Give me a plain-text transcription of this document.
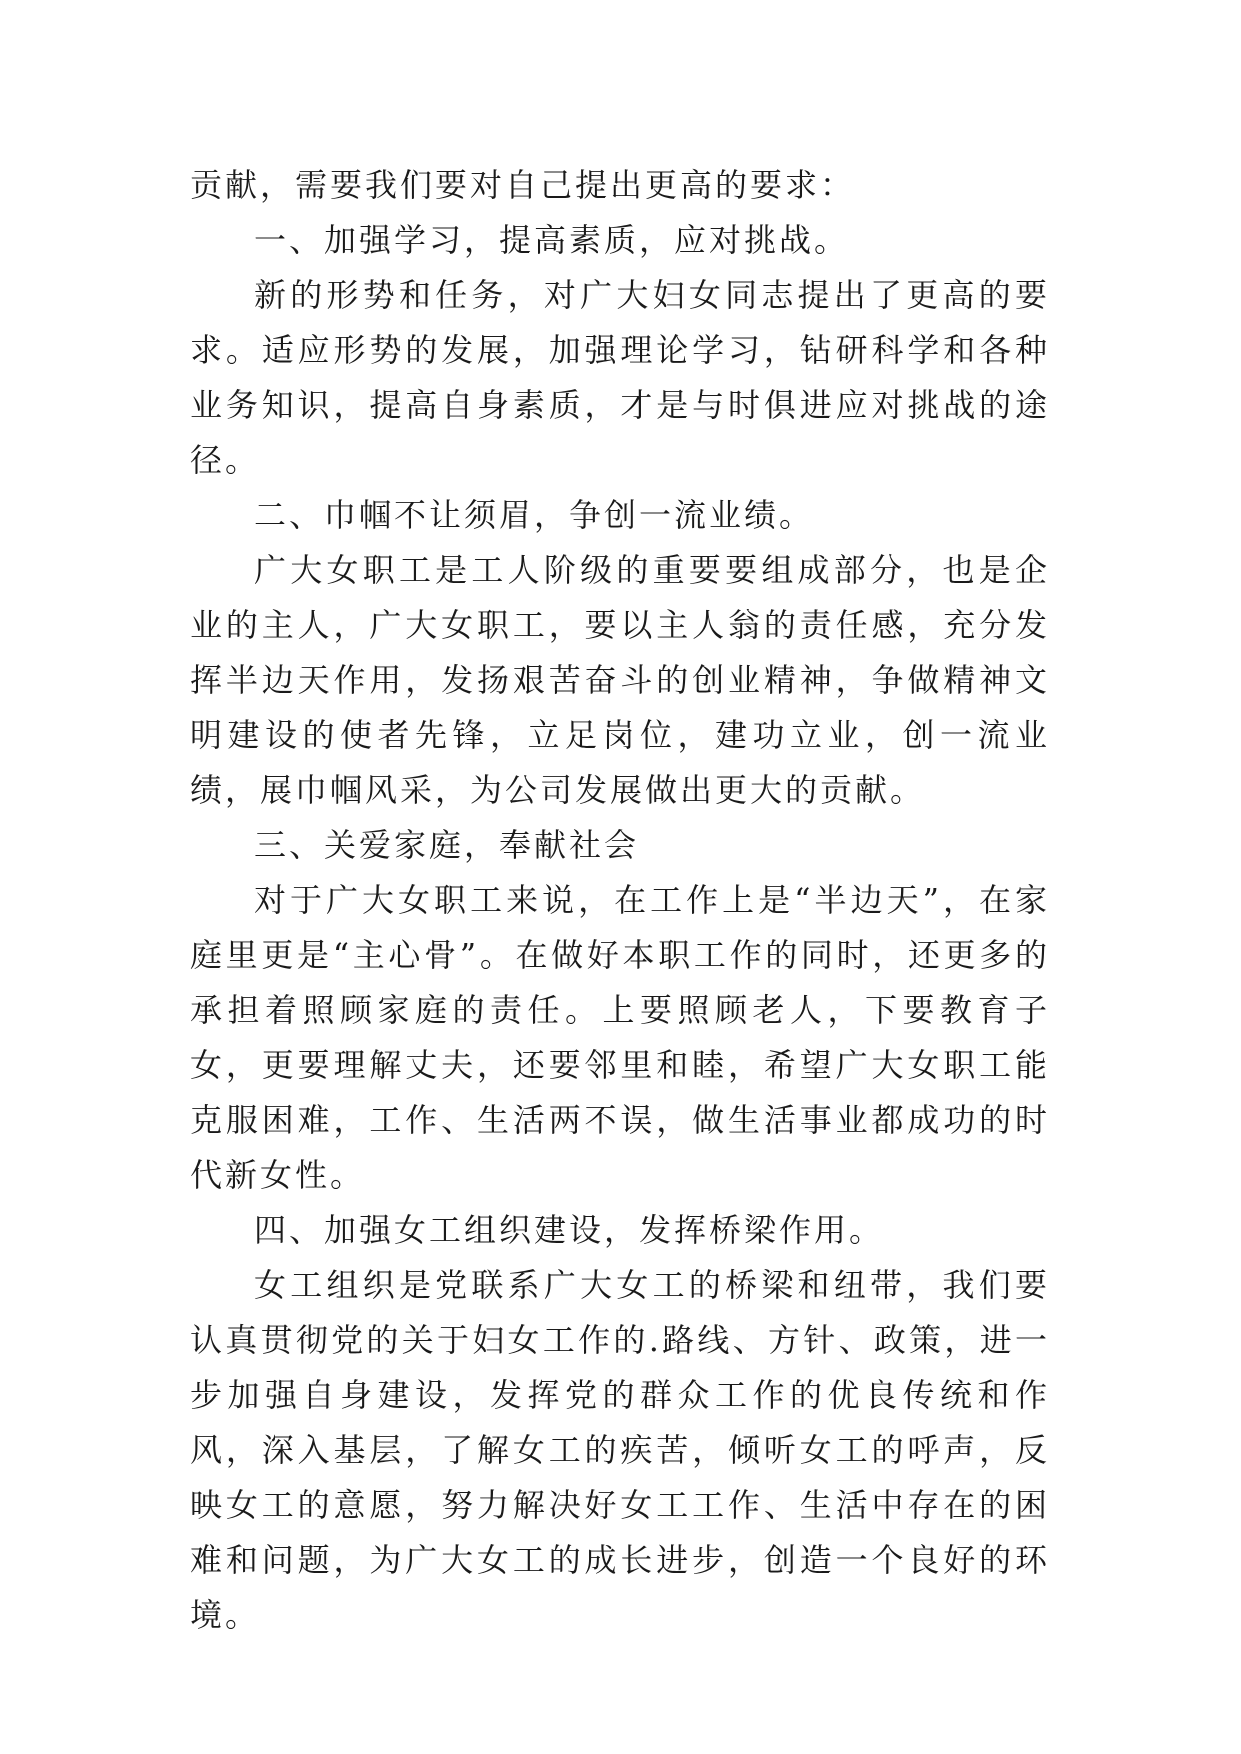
贡献，需要我们要对自己提出更高的要求：

一、加强学习，提高素质，应对挑战。

新的形势和任务，对广大妇女同志提出了更高的要求。适应形势的发展，加强理论学习，钻研科学和各种业务知识，提高自身素质，才是与时俱进应对挑战的途径。

二、巾帼不让须眉，争创一流业绩。

广大女职工是工人阶级的重要要组成部分，也是企业的主人，广大女职工，要以主人翁的责任感，充分发挥半边天作用，发扬艰苦奋斗的创业精神，争做精神文明建设的使者先锋，立足岗位，建功立业，创一流业绩，展巾帼风采，为公司发展做出更大的贡献。

三、关爱家庭，奉献社会

对于广大女职工来说，在工作上是“半边天”，在家庭里更是“主心骨”。在做好本职工作的同时，还更多的承担着照顾家庭的责任。上要照顾老人，下要教育子女，更要理解丈夫，还要邻里和睦，希望广大女职工能克服困难，工作、生活两不误，做生活事业都成功的时代新女性。

四、加强女工组织建设，发挥桥梁作用。

女工组织是党联系广大女工的桥梁和纽带，我们要认真贯彻党的关于妇女工作的.路线、方针、政策，进一步加强自身建设，发挥党的群众工作的优良传统和作风，深入基层，了解女工的疾苦，倾听女工的呼声，反映女工的意愿，努力解决好女工工作、生活中存在的困难和问题，为广大女工的成长进步，创造一个良好的环境。
